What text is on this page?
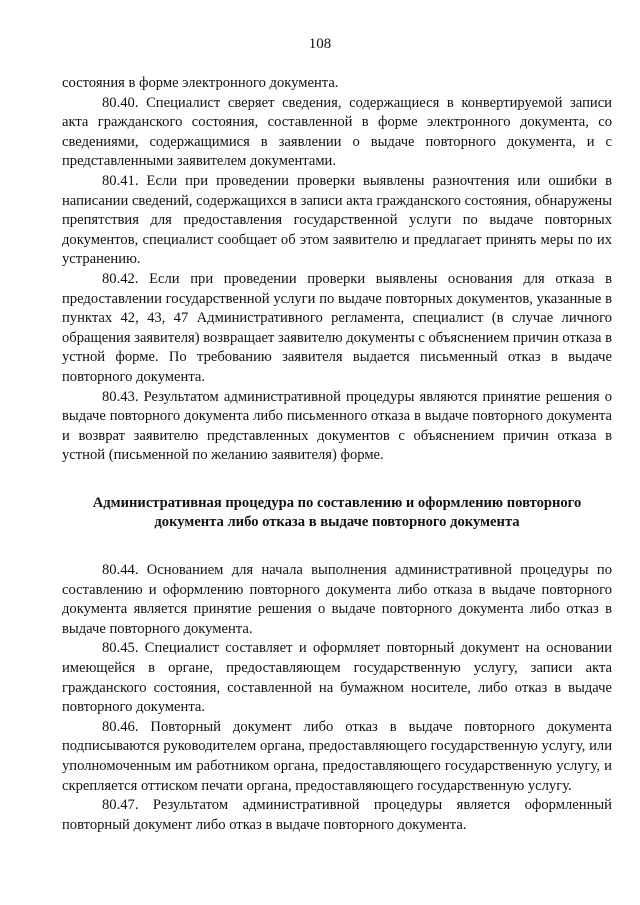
108

состояния в форме электронного документа.

80.40. Специалист сверяет сведения, содержащиеся в конвертируемой записи акта гражданского состояния, составленной в форме электронного документа, со сведениями, содержащимися в заявлении о выдаче повторного документа, и с представленными заявителем документами.

80.41. Если при проведении проверки выявлены разночтения или ошибки в написании сведений, содержащихся в записи акта гражданского состояния, обнаружены препятствия для предоставления государственной услуги по выдаче повторных документов, специалист сообщает об этом заявителю и предлагает принять меры по их устранению.

80.42. Если при проведении проверки выявлены основания для отказа в предоставлении государственной услуги по выдаче повторных документов, указанные в пунктах 42, 43, 47 Административного регламента, специалист (в случае личного обращения заявителя) возвращает заявителю документы с объяснением причин отказа в устной форме. По требованию заявителя выдается письменный отказ в выдаче повторного документа.

80.43. Результатом административной процедуры являются принятие решения о выдаче повторного документа либо письменного отказа в выдаче повторного документа и возврат заявителю представленных документов с объяснением причин отказа в устной (письменной по желанию заявителя) форме.

Административная процедура по составлению и оформлению повторного документа либо отказа в выдаче повторного документа

80.44. Основанием для начала выполнения административной процедуры по составлению и оформлению повторного документа либо отказа в выдаче повторного документа является принятие решения о выдаче повторного документа либо отказ в выдаче повторного документа.

80.45. Специалист составляет и оформляет повторный документ на основании имеющейся в органе, предоставляющем государственную услугу, записи акта гражданского состояния, составленной на бумажном носителе, либо отказ в выдаче повторного документа.

80.46. Повторный документ либо отказ в выдаче повторного документа подписываются руководителем органа, предоставляющего государственную услугу, или уполномоченным им работником органа, предоставляющего государственную услугу, и скрепляется оттиском печати органа, предоставляющего государственную услугу.

80.47. Результатом административной процедуры является оформленный повторный документ либо отказ в выдаче повторного документа.
